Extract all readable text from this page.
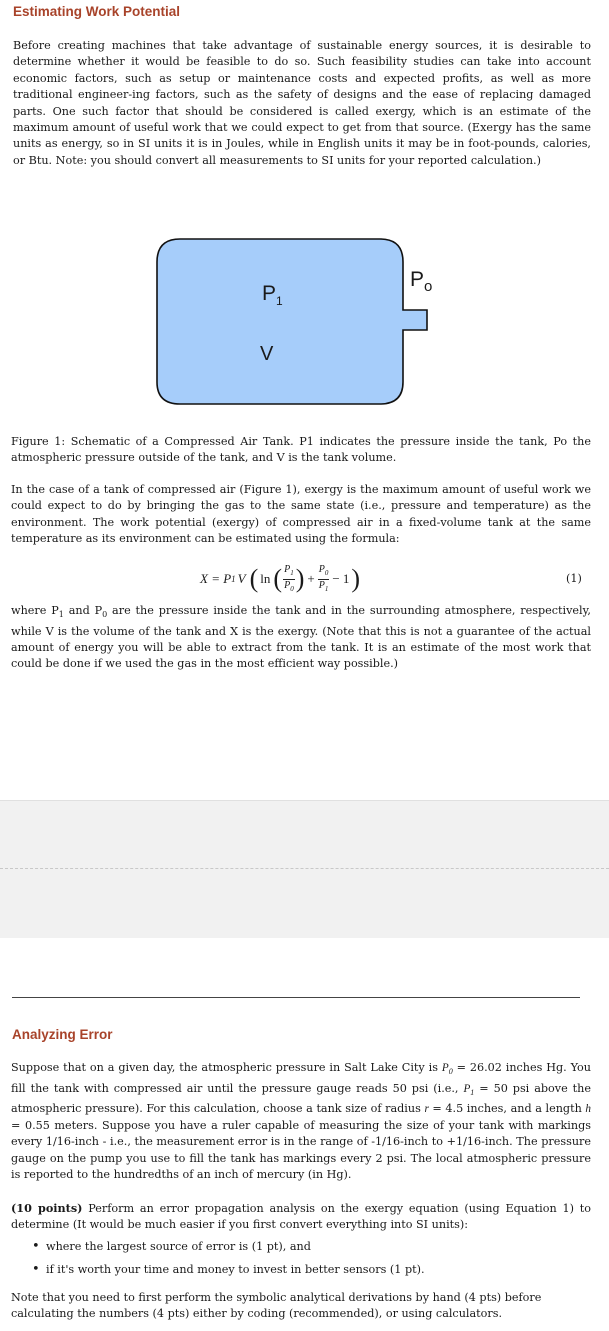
Estimating Work Potential

Before creating machines that take advantage of sustainable energy sources, it is desirable to determine whether it would be feasible to do so. Such feasibility studies can take into account economic factors, such as setup or maintenance costs and expected profits, as well as more traditional engineer-ing factors, such as the safety of designs and the ease of replacing damaged parts. One such factor that should be considered is called exergy, which is an estimate of the maximum amount of useful work that we could expect to get from that source. (Exergy has the same units as energy, so in SI units it is in Joules, while in English units it may be in foot-pounds, calories, or Btu. Note: you should convert all measurements to SI units for your reported calculation.)

$P_1$
V
$P_o$

Figure 1: Schematic of a Compressed Air Tank. P1 indicates the pressure inside the tank, Po the atmospheric pressure outside of the tank, and V is the tank volume.

In the case of a tank of compressed air (Figure 1), exergy is the maximum amount of useful work we could expect to do by bringing the gas to the same state (i.e., pressure and temperature) as the environment. The work potential (exergy) of compressed air in a fixed-volume tank at the same temperature as its environment can be estimated using the formula:

X = P 1 V ( ln ( $P_1$
$P_0$ ) + $\frac{P_0}{P_1} - 1$ )	(1)

where $P_1$ and $P_0$ are the pressure inside the tank and in the surrounding atmosphere, respectively, while V is the volume of the tank and X is the exergy. (Note that this is not a guarantee of the actual amount of energy you will be able to extract from the tank. It is an estimate of the most work that could be done if we used the gas in the most efficient way possible.)

Analyzing Error

Suppose that on a given day, the atmospheric pressure in Salt Lake City is $P_0 = 26.02$ inches Hg. You fill the tank with compressed air until the pressure gauge reads 50 psi (i.e., $P_1 = 50$ psi above the atmospheric pressure). For this calculation, choose a tank size of radius r = 4.5 inches, and a length h = 0.55 meters. Suppose you have a ruler capable of measuring the size of your tank with markings every 1/16-inch - i.e., the measurement error is in the range of -1/16-inch to +1/16-inch. The pressure gauge on the pump you use to fill the tank has markings every 2 psi. The local atmospheric pressure is reported to the hundredths of an inch of mercury (in Hg).

(10 points) Perform an error propagation analysis on the exergy equation (using Equation 1) to determine (It would be much easier if you first convert everything into SI units):

• where the largest source of error is (1 pt), and
• if it's worth your time and money to invest in better sensors (1 pt).

Note that you need to first perform the symbolic analytical derivations by hand (4 pts) before calculating the numbers (4 pts) either by coding (recommended), or using calculators.
